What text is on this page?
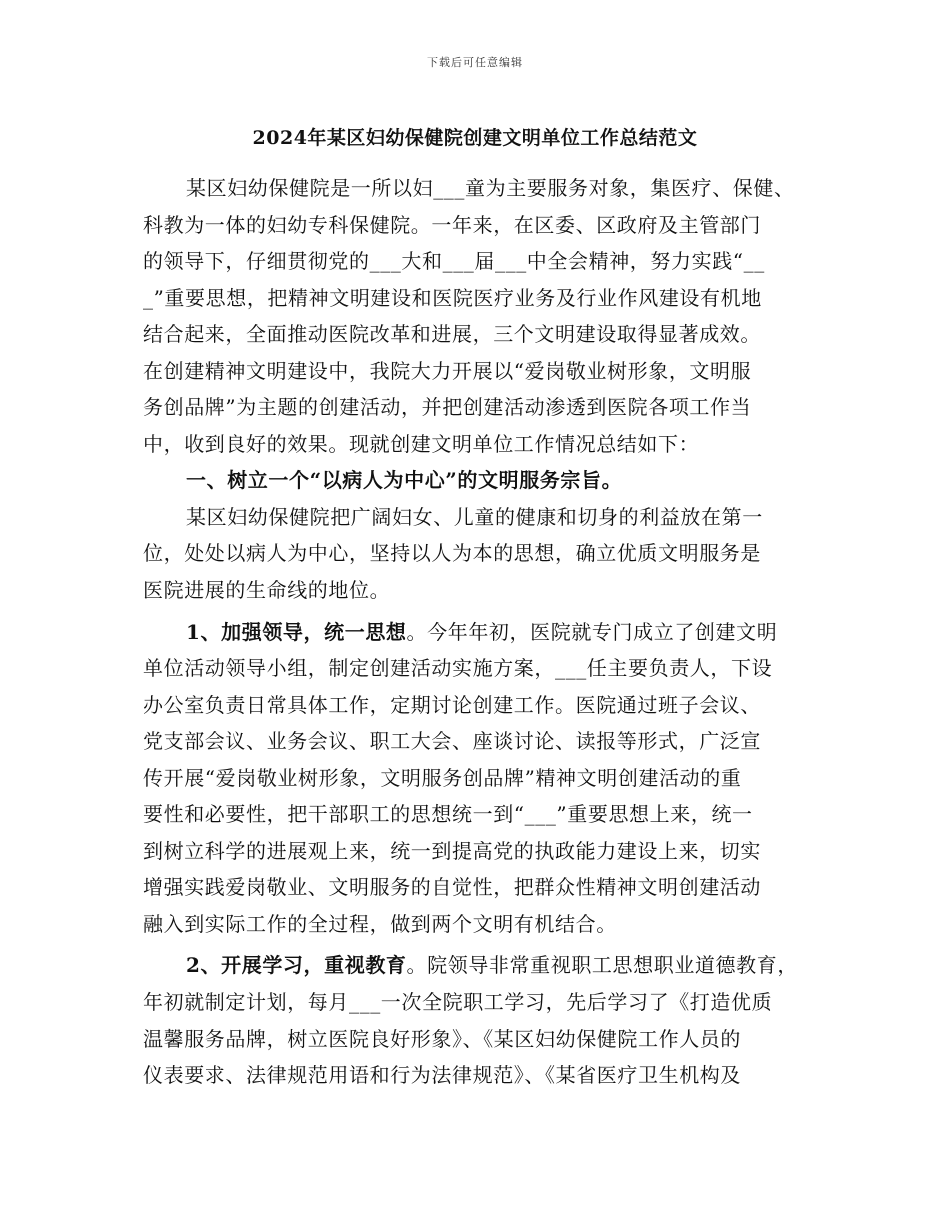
下载后可任意编辑
2024年某区妇幼保健院创建文明单位工作总结范文
某区妇幼保健院是一所以妇___童为主要服务对象，集医疗、保健、
科教为一体的妇幼专科保健院。一年来，在区委、区政府及主管部门
的领导下，仔细贯彻党的___大和___届___中全会精神，努力实践“__
_”重要思想，把精神文明建设和医院医疗业务及行业作风建设有机地
结合起来，全面推动医院改革和进展，三个文明建设取得显著成效。
在创建精神文明建设中，我院大力开展以“爱岗敬业树形象，文明服
务创品牌”为主题的创建活动，并把创建活动渗透到医院各项工作当
中，收到良好的效果。现就创建文明单位工作情况总结如下：
一、树立一个“以病人为中心”的文明服务宗旨。
某区妇幼保健院把广阔妇女、儿童的健康和切身的利益放在第一
位，处处以病人为中心，坚持以人为本的思想，确立优质文明服务是
医院进展的生命线的地位。
1、加强领导，统一思想。今年年初，医院就专门成立了创建文明
单位活动领导小组，制定创建活动实施方案，___任主要负责人，下设
办公室负责日常具体工作，定期讨论创建工作。医院通过班子会议、
党支部会议、业务会议、职工大会、座谈讨论、读报等形式，广泛宣
传开展“爱岗敬业树形象，文明服务创品牌”精神文明创建活动的重
要性和必要性，把干部职工的思想统一到“___”重要思想上来，统一
到树立科学的进展观上来，统一到提高党的执政能力建设上来，切实
增强实践爱岗敬业、文明服务的自觉性，把群众性精神文明创建活动
融入到实际工作的全过程，做到两个文明有机结合。
2、开展学习，重视教育。院领导非常重视职工思想职业道德教育，
年初就制定计划，每月___一次全院职工学习，先后学习了《打造优质
温馨服务品牌，树立医院良好形象》、《某区妇幼保健院工作人员的
仪表要求、法律规范用语和行为法律规范》、《某省医疗卫生机构及
